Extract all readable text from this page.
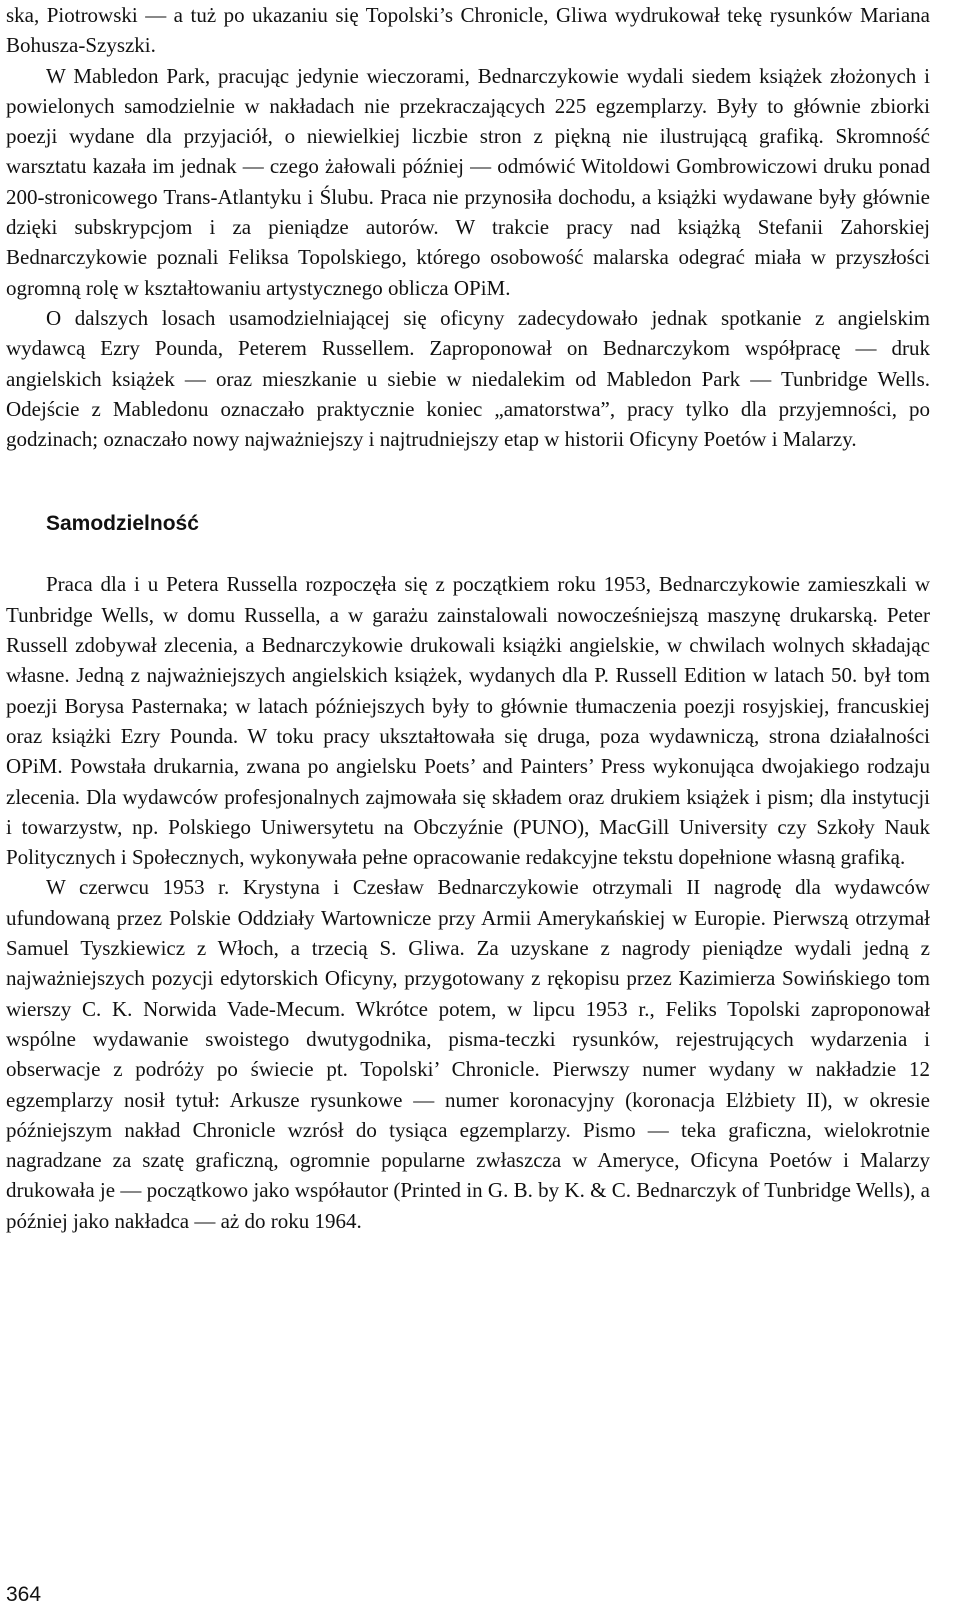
ska, Piotrowski — a tuż po ukazaniu się Topolski’s Chronicle, Gliwa wydrukował tekę rysunków Mariana Bohusza-Szyszki.

W Mabledon Park, pracując jedynie wieczorami, Bednarczykowie wydali siedem książek złożonych i powielonych samodzielnie w nakładach nie przekraczających 225 egzemplarzy. Były to głównie zbiorki poezji wydane dla przyjaciół, o niewielkiej liczbie stron z piękną nie ilustrującą grafiką. Skromność warsztatu kazała im jednak — czego żałowali później — odmówić Witoldowi Gombrowiczowi druku ponad 200-stronicowego Trans-Atlantyku i Ślubu. Praca nie przynosiła dochodu, a książki wydawane były głównie dzięki subskrypcjom i za pieniądze autorów. W trakcie pracy nad książką Stefanii Zahorskiej Bednarczykowie poznali Feliksa Topolskiego, którego osobowość malarska odegrać miała w przyszłości ogromną rolę w kształtowaniu artystycznego oblicza OPiM.

O dalszych losach usamodzielniającej się oficyny zadecydowało jednak spotkanie z angielskim wydawcą Ezry Pounda, Peterem Russellem. Zaproponował on Bednarczykom współpracę — druk angielskich książek — oraz mieszkanie u siebie w niedalekim od Mabledon Park — Tunbridge Wells. Odejście z Mabledonu oznaczało praktycznie koniec „amatorstwa”, pracy tylko dla przyjemności, po godzinach; oznaczało nowy najważniejszy i najtrudniejszy etap w historii Oficyny Poetów i Malarzy.

Samodzielność

Praca dla i u Petera Russella rozpoczęła się z początkiem roku 1953, Bednarczykowie zamieszkali w Tunbridge Wells, w domu Russella, a w garażu zainstalowali nowocześniejszą maszynę drukarską. Peter Russell zdobywał zlecenia, a Bednarczykowie drukowali książki angielskie, w chwilach wolnych składając własne. Jedną z najważniejszych angielskich książek, wydanych dla P. Russell Edition w latach 50. był tom poezji Borysa Pasternaka; w latach późniejszych były to głównie tłumaczenia poezji rosyjskiej, francuskiej oraz książki Ezry Pounda. W toku pracy ukształtowała się druga, poza wydawniczą, strona działalności OPiM. Powstała drukarnia, zwana po angielsku Poets’ and Painters’ Press wykonująca dwojakiego rodzaju zlecenia. Dla wydawców profesjonalnych zajmowała się składem oraz drukiem książek i pism; dla instytucji i towarzystw, np. Polskiego Uniwersytetu na Obczyźnie (PUNO), MacGill University czy Szkoły Nauk Politycznych i Społecznych, wykonywała pełne opracowanie redakcyjne tekstu dopełnione własną grafiką.

W czerwcu 1953 r. Krystyna i Czesław Bednarczykowie otrzymali II nagrodę dla wydawców ufundowaną przez Polskie Oddziały Wartownicze przy Armii Amerykańskiej w Europie. Pierwszą otrzymał Samuel Tyszkiewicz z Włoch, a trzecią S. Gliwa. Za uzyskane z nagrody pieniądze wydali jedną z najważniejszych pozycji edytorskich Oficyny, przygotowany z rękopisu przez Kazimierza Sowińskiego tom wierszy C. K. Norwida Vade-Mecum. Wkrótce potem, w lipcu 1953 r., Feliks Topolski zaproponował wspólne wydawanie swoistego dwutygodnika, pisma-teczki rysunków, rejestrujących wydarzenia i obserwacje z podróży po świecie pt. Topolski’ Chronicle. Pierwszy numer wydany w nakładzie 12 egzemplarzy nosił tytuł: Arkusze rysunkowe — numer koronacyjny (koronacja Elżbiety II), w okresie późniejszym nakład Chronicle wzrósł do tysiąca egzemplarzy. Pismo — teka graficzna, wielokrotnie nagradzane za szatę graficzną, ogromnie popularne zwłaszcza w Ameryce, Oficyna Poetów i Malarzy drukowała je — początkowo jako współautor (Printed in G. B. by K. & C. Bednarczyk of Tunbridge Wells), a później jako nakładca — aż do roku 1964.

364
